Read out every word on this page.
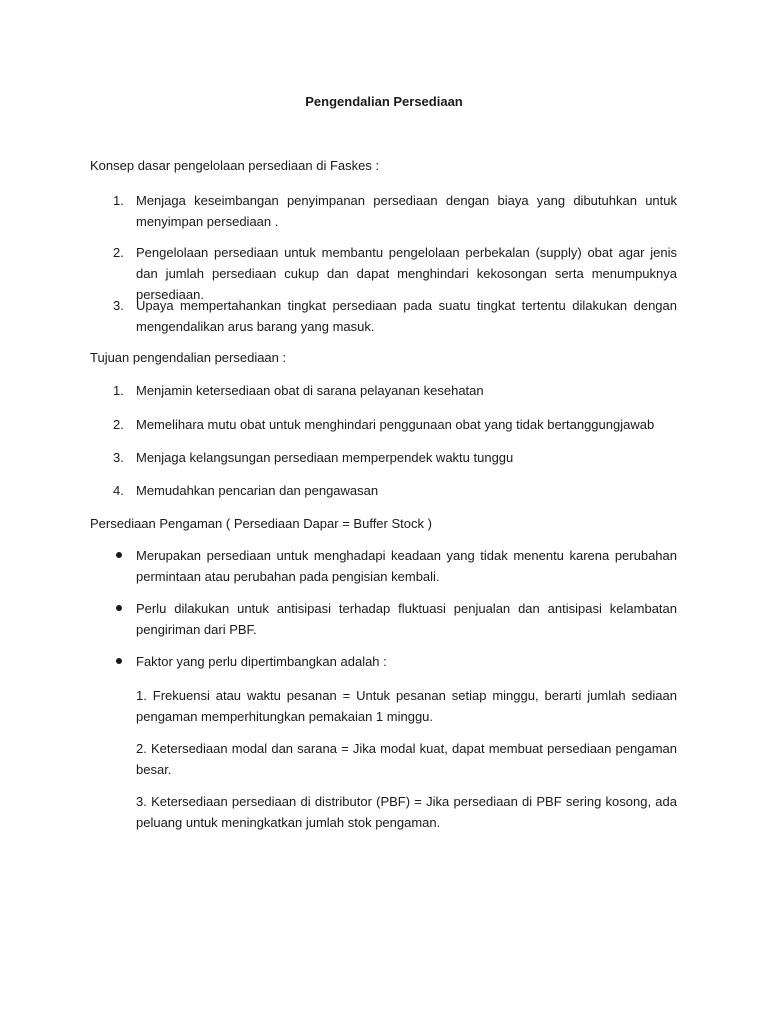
Pengendalian Persediaan
Konsep dasar pengelolaan persediaan di Faskes :
1. Menjaga keseimbangan penyimpanan persediaan dengan biaya yang dibutuhkan untuk menyimpan persediaan .
2. Pengelolaan persediaan untuk membantu pengelolaan perbekalan (supply) obat agar jenis dan jumlah persediaan cukup dan dapat menghindari kekosongan serta menumpuknya persediaan.
3. Upaya mempertahankan tingkat persediaan pada suatu tingkat tertentu dilakukan dengan mengendalikan arus barang yang masuk.
Tujuan pengendalian persediaan :
1. Menjamin ketersediaan obat di sarana pelayanan kesehatan
2. Memelihara mutu obat untuk menghindari penggunaan obat yang tidak bertanggungjawab
3. Menjaga kelangsungan persediaan memperpendek waktu tunggu
4. Memudahkan pencarian dan pengawasan
Persediaan Pengaman ( Persediaan Dapar = Buffer Stock )
Merupakan persediaan untuk menghadapi keadaan yang tidak menentu karena perubahan permintaan atau perubahan pada pengisian kembali.
Perlu dilakukan untuk antisipasi terhadap fluktuasi penjualan dan antisipasi kelambatan pengiriman dari PBF.
Faktor yang perlu dipertimbangkan adalah :
1. Frekuensi atau waktu pesanan = Untuk pesanan setiap minggu, berarti jumlah sediaan pengaman memperhitungkan pemakaian 1 minggu.
2. Ketersediaan modal dan sarana = Jika modal kuat, dapat membuat persediaan pengaman besar.
3. Ketersediaan persediaan di distributor (PBF) = Jika persediaan di PBF sering kosong, ada peluang untuk meningkatkan jumlah stok pengaman.
